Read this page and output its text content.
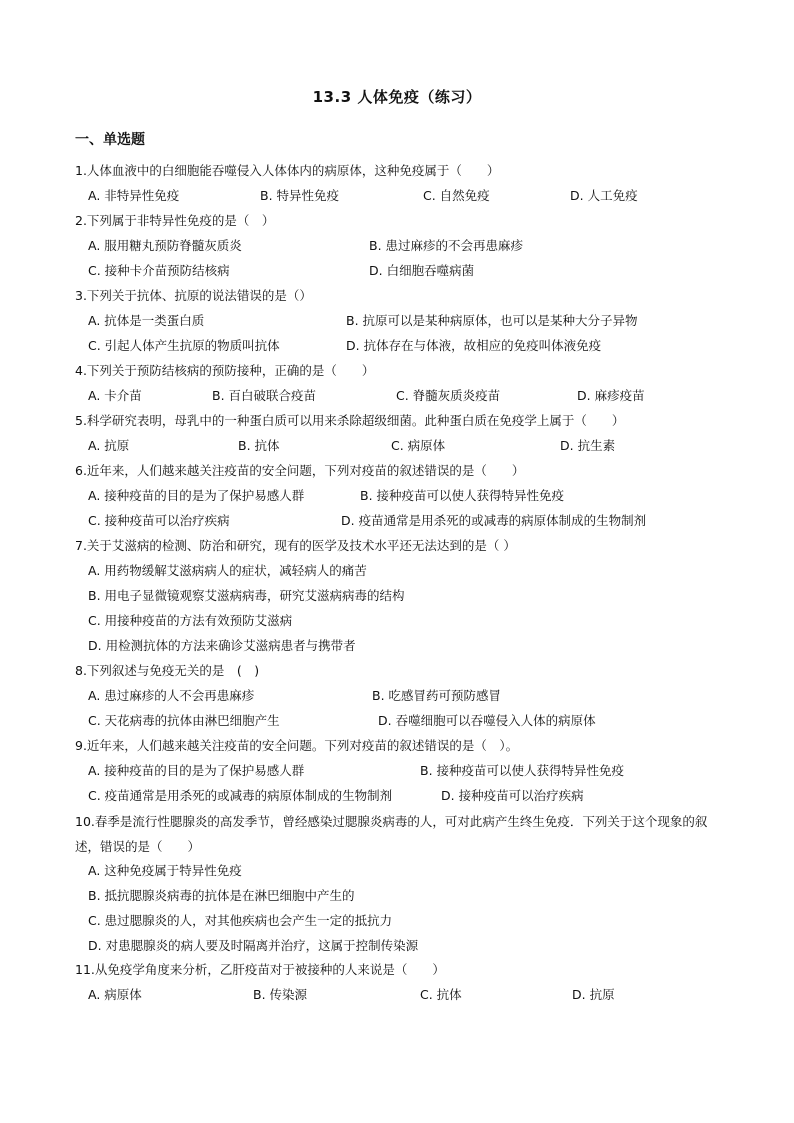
13.3 人体免疫（练习）
一、单选题
1.人体血液中的白细胞能吞噬侵入人体体内的病原体，这种免疫属于（　　）
A. 非特异性免疫	B. 特异性免疫	C. 自然免疫	D. 人工免疫
2.下列属于非特异性免疫的是（　）
A. 服用糖丸预防脊髓灰质炎	B. 患过麻疹的不会再患麻疹
C. 接种卡介苗预防结核病	D. 白细胞吞噬病菌
3.下列关于抗体、抗原的说法错误的是（）
A. 抗体是一类蛋白质	B. 抗原可以是某种病原体，也可以是某种大分子异物
C. 引起人体产生抗原的物质叫抗体	D. 抗体存在与体液，故相应的免疫叫体液免疫
4.下列关于预防结核病的预防接种，正确的是（　　）
A. 卡介苗	B. 百白破联合疫苗	C. 脊髓灰质炎疫苗	D. 麻疹疫苗
5.科学研究表明，母乳中的一种蛋白质可以用来杀除超级细菌。此种蛋白质在免疫学上属于（　　）
A. 抗原	B. 抗体	C. 病原体	D. 抗生素
6.近年来，人们越来越关注疫苗的安全问题，下列对疫苗的叙述错误的是（　　）
A. 接种疫苗的目的是为了保护易感人群	B. 接种疫苗可以使人获得特异性免疫
C. 接种疫苗可以治疗疾病	D. 疫苗通常是用杀死的或减毒的病原体制成的生物制剂
7.关于艾滋病的检测、防治和研究，现有的医学及技术水平还无法达到的是（ ）
A. 用药物缓解艾滋病病人的症状，减轻病人的痛苦
B. 用电子显微镜观察艾滋病病毒，研究艾滋病病毒的结构
C. 用接种疫苗的方法有效预防艾滋病
D. 用检测抗体的方法来确诊艾滋病患者与携带者
8.下列叙述与免疫无关的是　(　)
A. 患过麻疹的人不会再患麻疹	B. 吃感冒药可预防感冒
C. 天花病毒的抗体由淋巴细胞产生	D. 吞噬细胞可以吞噬侵入人体的病原体
9.近年来，人们越来越关注疫苗的安全问题。下列对疫苗的叙述错误的是（　）。
A. 接种疫苗的目的是为了保护易感人群	B. 接种疫苗可以使人获得特异性免疫
C. 疫苗通常是用杀死的或减毒的病原体制成的生物制剂	D. 接种疫苗可以治疗疾病
10.春季是流行性腮腺炎的高发季节，曾经感染过腮腺炎病毒的人，可对此病产生终生免疫．下列关于这个现象的叙述，错误的是（　　）
A. 这种免疫属于特异性免疫
B. 抵抗腮腺炎病毒的抗体是在淋巴细胞中产生的
C. 患过腮腺炎的人，对其他疾病也会产生一定的抵抗力
D. 对患腮腺炎的病人要及时隔离并治疗，这属于控制传染源
11.从免疫学角度来分析，乙肝疫苗对于被接种的人来说是（　　）
A. 病原体	B. 传染源	C. 抗体	D. 抗原
